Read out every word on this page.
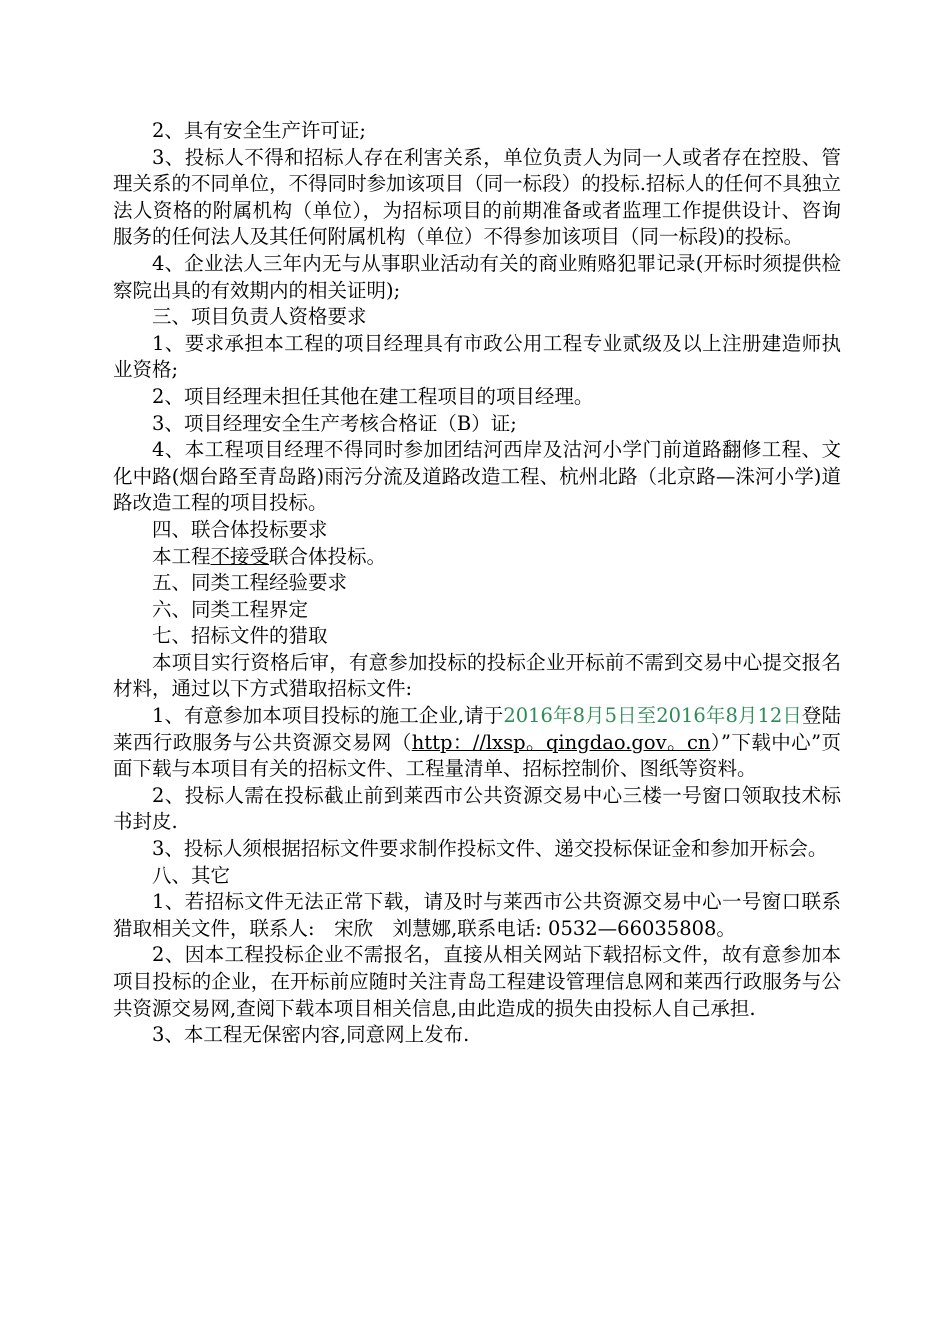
2、具有安全生产许可证;

3、投标人不得和招标人存在利害关系，单位负责人为同一人或者存在控股、管理关系的不同单位，不得同时参加该项目（同一标段）的投标.招标人的任何不具独立法人资格的附属机构（单位），为招标项目的前期准备或者监理工作提供设计、咨询服务的任何法人及其任何附属机构（单位）不得参加该项目（同一标段)的投标。

4、企业法人三年内无与从事职业活动有关的商业贿赂犯罪记录(开标时须提供检察院出具的有效期内的相关证明);

三、项目负责人资格要求

1、要求承担本工程的项目经理具有市政公用工程专业贰级及以上注册建造师执业资格;

2、项目经理未担任其他在建工程项目的项目经理。

3、项目经理安全生产考核合格证（B）证;

4、本工程项目经理不得同时参加团结河西岸及沽河小学门前道路翻修工程、文化中路(烟台路至青岛路)雨污分流及道路改造工程、杭州北路（北京路—洙河小学)道路改造工程的项目投标。

四、联合体投标要求

本工程不接受联合体投标。

五、同类工程经验要求

六、同类工程界定

七、招标文件的猎取

本项目实行资格后审，有意参加投标的投标企业开标前不需到交易中心提交报名材料，通过以下方式猎取招标文件:

1、有意参加本项目投标的施工企业,请于2016年8月5日至2016年8月12日登陆莱西行政服务与公共资源交易网（http：//lxsp。qingdao.gov。cn）”下载中心”页面下载与本项目有关的招标文件、工程量清单、招标控制价、图纸等资料。

2、投标人需在投标截止前到莱西市公共资源交易中心三楼一号窗口领取技术标书封皮.

3、投标人须根据招标文件要求制作投标文件、递交投标保证金和参加开标会。

八、其它

1、若招标文件无法正常下载，请及时与莱西市公共资源交易中心一号窗口联系猎取相关文件，联系人:　宋欣　刘慧娜,联系电话: 0532—66035808。

2、因本工程投标企业不需报名，直接从相关网站下载招标文件，故有意参加本项目投标的企业，在开标前应随时关注青岛工程建设管理信息网和莱西行政服务与公共资源交易网,查阅下载本项目相关信息,由此造成的损失由投标人自己承担.

3、本工程无保密内容,同意网上发布.
